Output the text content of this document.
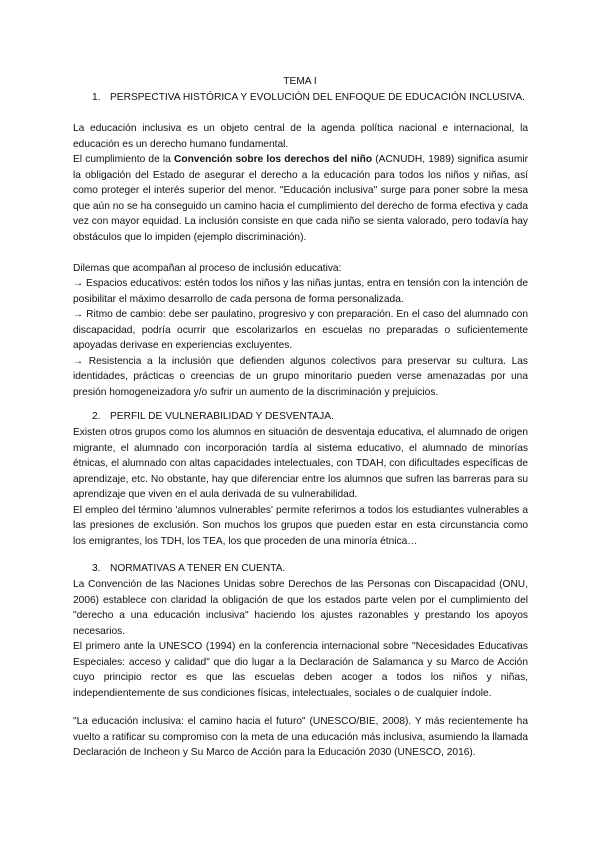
TEMA I

1. PERSPECTIVA HISTÓRICA Y EVOLUCIÓN DEL ENFOQUE DE EDUCACIÓN INCLUSIVA.

La educación inclusiva es un objeto central de la agenda política nacional e internacional, la educación es un derecho humano fundamental.

El cumplimiento de la Convención sobre los derechos del niño (ACNUDH, 1989) significa asumir la obligación del Estado de asegurar el derecho a la educación para todos los niños y niñas, así como proteger el interés superior del menor. "Educación inclusiva" surge para poner sobre la mesa que aún no se ha conseguido un camino hacia el cumplimiento del derecho de forma efectiva y cada vez con mayor equidad. La inclusión consiste en que cada niño se sienta valorado, pero todavía hay obstáculos que lo impiden (ejemplo discriminación).

Dilemas que acompañan al proceso de inclusión educativa:

→ Espacios educativos: estén todos los niños y las niñas juntas, entra en tensión con la intención de posibilitar el máximo desarrollo de cada persona de forma personalizada.

→ Ritmo de cambio: debe ser paulatino, progresivo y con preparación. En el caso del alumnado con discapacidad, podría ocurrir que escolarizarlos en escuelas no preparadas o suficientemente apoyadas derivase en experiencias excluyentes.

→ Resistencia a la inclusión que defienden algunos colectivos para preservar su cultura. Las identidades, prácticas o creencias de un grupo minoritario pueden verse amenazadas por una presión homogeneizadora y/o sufrir un aumento de la discriminación y prejuicios.

2. PERFIL DE VULNERABILIDAD Y DESVENTAJA.

Existen otros grupos como los alumnos en situación de desventaja educativa, el alumnado de origen migrante, el alumnado con incorporación tardía al sistema educativo, el alumnado de minorías étnicas, el alumnado con altas capacidades intelectuales, con TDAH, con dificultades específicas de aprendizaje, etc. No obstante, hay que diferenciar entre los alumnos que sufren las barreras para su aprendizaje que viven en el aula derivada de su vulnerabilidad.

El empleo del término 'alumnos vulnerables' permite referirnos a todos los estudiantes vulnerables a las presiones de exclusión. Son muchos los grupos que pueden estar en esta circunstancia como los emigrantes, los TDH, los TEA, los que proceden de una minoría étnica…

3. NORMATIVAS A TENER EN CUENTA.

La Convención de las Naciones Unidas sobre Derechos de las Personas con Discapacidad (ONU, 2006) establece con claridad la obligación de que los estados parte velen por el cumplimiento del "derecho a una educación inclusiva" haciendo los ajustes razonables y prestando los apoyos necesarios.

El primero ante la UNESCO (1994) en la conferencia internacional sobre "Necesidades Educativas Especiales: acceso y calidad" que dio lugar a la Declaración de Salamanca y su Marco de Acción cuyo principio rector es que las escuelas deben acoger a todos los niños y niñas, independientemente de sus condiciones físicas, intelectuales, sociales o de cualquier índole.

"La educación inclusiva: el camino hacia el futuro" (UNESCO/BIE, 2008). Y más recientemente ha vuelto a ratificar su compromiso con la meta de una educación más inclusiva, asumiendo la llamada Declaración de Incheon y Su Marco de Acción para la Educación 2030 (UNESCO, 2016).
